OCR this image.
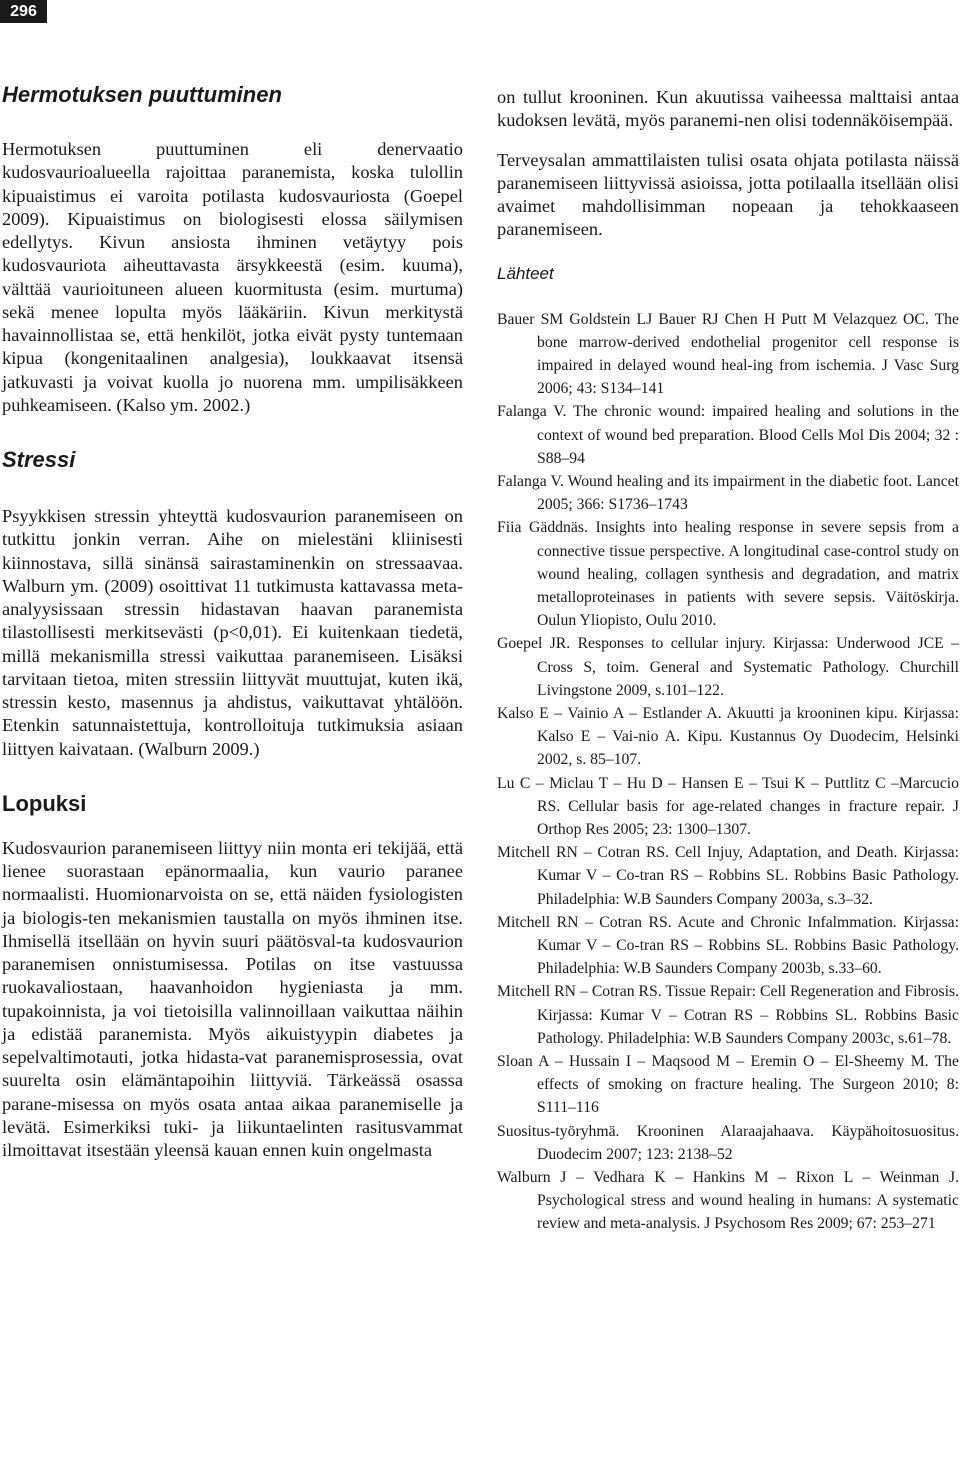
296
Hermotuksen puuttuminen

Hermotuksen puuttuminen eli denervaatio kudosvaurioalueella rajoittaa paranemista, koska tulollin kipuaistimus ei varoita potilasta kudosvauriosta (Goepel 2009). Kipuaistimus on biologisesti elossa säilymisen edellytys. Kivun ansiosta ihminen vetäytyy pois kudosvauriota aiheuttavasta ärsykkeestä (esim. kuuma), välttää vaurioituneen alueen kuormitusta (esim. murtuma) sekä menee lopulta myös lääkäriin. Kivun merkitystä havainnollistaa se, että henkilöt, jotka eivät pysty tuntemaan kipua (kongenitaalinen analgesia), loukkaavat itsensä jatkuvasti ja voivat kuolla jo nuorena mm. umpilisäkkeen puhkeamiseen. (Kalso ym. 2002.)

Stressi

Psyykkisen stressin yhteyttä kudosvaurion paranemiseen on tutkittu jonkin verran. Aihe on mielestäni kliinisesti kiinnostava, sillä sinänsä sairastaminenkin on stressaavaa. Walburn ym. (2009) osoittivat 11 tutkimusta kattavassa meta-analyysissaan stressin hidastavan haavan paranemista tilastollisesti merkitsevästi (p<0,01). Ei kuitenkaan tiedetä, millä mekanismilla stressi vaikuttaa paranemiseen. Lisäksi tarvitaan tietoa, miten stressiin liittyvät muuttujat, kuten ikä, stressin kesto, masennus ja ahdistus, vaikuttavat yhtälöön. Etenkin satunnaistettuja, kontrolloituja tutkimuksia asiaan liittyen kaivataan. (Walburn 2009.)

Lopuksi

Kudosvaurion paranemiseen liittyy niin monta eri tekijää, että lienee suorastaan epänormaalia, kun vaurio paranee normaalisti. Huomionarvoista on se, että näiden fysiologisten ja biologis-ten mekanismien taustalla on myös ihminen itse. Ihmisellä itsellään on hyvin suuri päätösval-ta kudosvaurion paranemisen onnistumisessa. Potilas on itse vastuussa ruokavaliostaan, haavanhoidon hygieniasta ja mm. tupakoinnista, ja voi tietoisilla valinnoillaan vaikuttaa näihin ja edistää paranemista. Myös aikuistyypin diabetes ja sepelvaltimotauti, jotka hidasta-vat paranemisprosessia, ovat suurelta osin elämäntapoihin liittyviä. Tärkeässä osassa parane-misessa on myös osata antaa aikaa paranemiselle ja levätä. Esimerkiksi tuki- ja liikuntaelinten rasitusvammat ilmoittavat itsestään yleensä kauan ennen kuin ongelmasta

on tullut krooninen. Kun akuutissa vaiheessa malttaisi antaa kudoksen levätä, myös paranemi-nen olisi todennäköisempää.

Terveysalan ammattilaisten tulisi osata ohjata potilasta näissä paranemiseen liittyvissä asioissa, jotta potilaalla itsellään olisi avaimet mahdollisimman nopeaan ja tehokkaaseen paranemiseen.

Lähteet

Bauer SM Goldstein LJ Bauer RJ Chen H Putt M Velazquez OC. The bone marrow-derived endothelial progenitor cell response is impaired in delayed wound heal-ing from ischemia. J Vasc Surg 2006; 43: S134–141

Falanga V. The chronic wound: impaired healing and solutions in the context of wound bed preparation. Blood Cells Mol Dis 2004; 32 : S88–94

Falanga V. Wound healing and its impairment in the diabetic foot. Lancet 2005; 366: S1736–1743

Fiia Gäddnäs. Insights into healing response in severe sepsis from a connective tissue perspective. A longitudinal case-control study on wound healing, collagen synthesis and degradation, and matrix metalloproteinases in patients with severe sepsis. Väitöskirja. Oulun Yliopisto, Oulu 2010.

Goepel JR. Responses to cellular injury. Kirjassa: Underwood JCE – Cross S, toim. General and Systematic Pathology. Churchill Livingstone 2009, s.101–122.

Kalso E – Vainio A – Estlander A. Akuutti ja krooninen kipu. Kirjassa: Kalso E – Vai-nio A. Kipu. Kustannus Oy Duodecim, Helsinki 2002, s. 85–107.

Lu C – Miclau T – Hu D – Hansen E – Tsui K – Puttlitz C –Marcucio RS. Cellular basis for age-related changes in fracture repair. J Orthop Res 2005; 23: 1300–1307.

Mitchell RN – Cotran RS. Cell Injuy, Adaptation, and Death. Kirjassa: Kumar V – Co-tran RS – Robbins SL. Robbins Basic Pathology. Philadelphia: W.B Saunders Company 2003a, s.3–32.

Mitchell RN – Cotran RS. Acute and Chronic Infalmmation. Kirjassa: Kumar V – Co-tran RS – Robbins SL. Robbins Basic Pathology. Philadelphia: W.B Saunders Company 2003b, s.33–60.

Mitchell RN – Cotran RS. Tissue Repair: Cell Regeneration and Fibrosis. Kirjassa: Kumar V – Cotran RS – Robbins SL. Robbins Basic Pathology. Philadelphia: W.B Saunders Company 2003c, s.61–78.

Sloan A – Hussain I – Maqsood M – Eremin O – El-Sheemy M. The effects of smoking on fracture healing. The Surgeon 2010; 8: S111–116

Suositus-työryhmä. Krooninen Alaraajahaava. Käypähoitosuositus. Duodecim 2007; 123: 2138–52

Walburn J – Vedhara K – Hankins M – Rixon L – Weinman J. Psychological stress and wound healing in humans: A systematic review and meta-analysis. J Psychosom Res 2009; 67: 253–271
